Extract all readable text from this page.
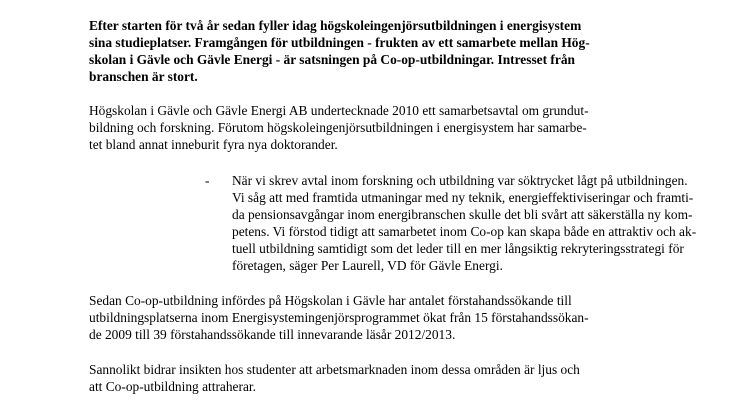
Efter starten för två år sedan fyller idag högskoleingenjörsutbildningen i energisystem
sina studieplatser. Framgången för utbildningen - frukten av ett samarbete mellan Hög-
skolan i Gävle och Gävle Energi - är satsningen på Co-op-utbildningar. Intresset från
branschen är stort.
Högskolan i Gävle och Gävle Energi AB undertecknade 2010 ett samarbetsavtal om grundut-
bildning och forskning. Förutom högskoleingenjörsutbildningen i energisystem har samarbe-
tet bland annat inneburit fyra nya doktorander.
- När vi skrev avtal inom forskning och utbildning var söktrycket lågt på utbildningen.
Vi såg att med framtida utmaningar med ny teknik, energieffektiviseringar och framti-
da pensionsavgångar inom energibranschen skulle det bli svårt att säkerställa ny kom-
petens. Vi förstod tidigt att samarbetet inom Co-op kan skapa både en attraktiv och ak-
tuell utbildning samtidigt som det leder till en mer långsiktig rekryteringsstrategi för
företagen, säger Per Laurell, VD för Gävle Energi.
Sedan Co-op-utbildning infördes på Högskolan i Gävle har antalet förstahandssökande till
utbildningsplatserna inom Energisystemingenjörsprogrammet ökat från 15 förstahandssökan-
de 2009 till 39 förstahandssökande till innevarande läsår 2012/2013.
Sannolikt bidrar insikten hos studenter att arbetsmarknaden inom dessa områden är ljus och
att Co-op-utbildning attraherar.
